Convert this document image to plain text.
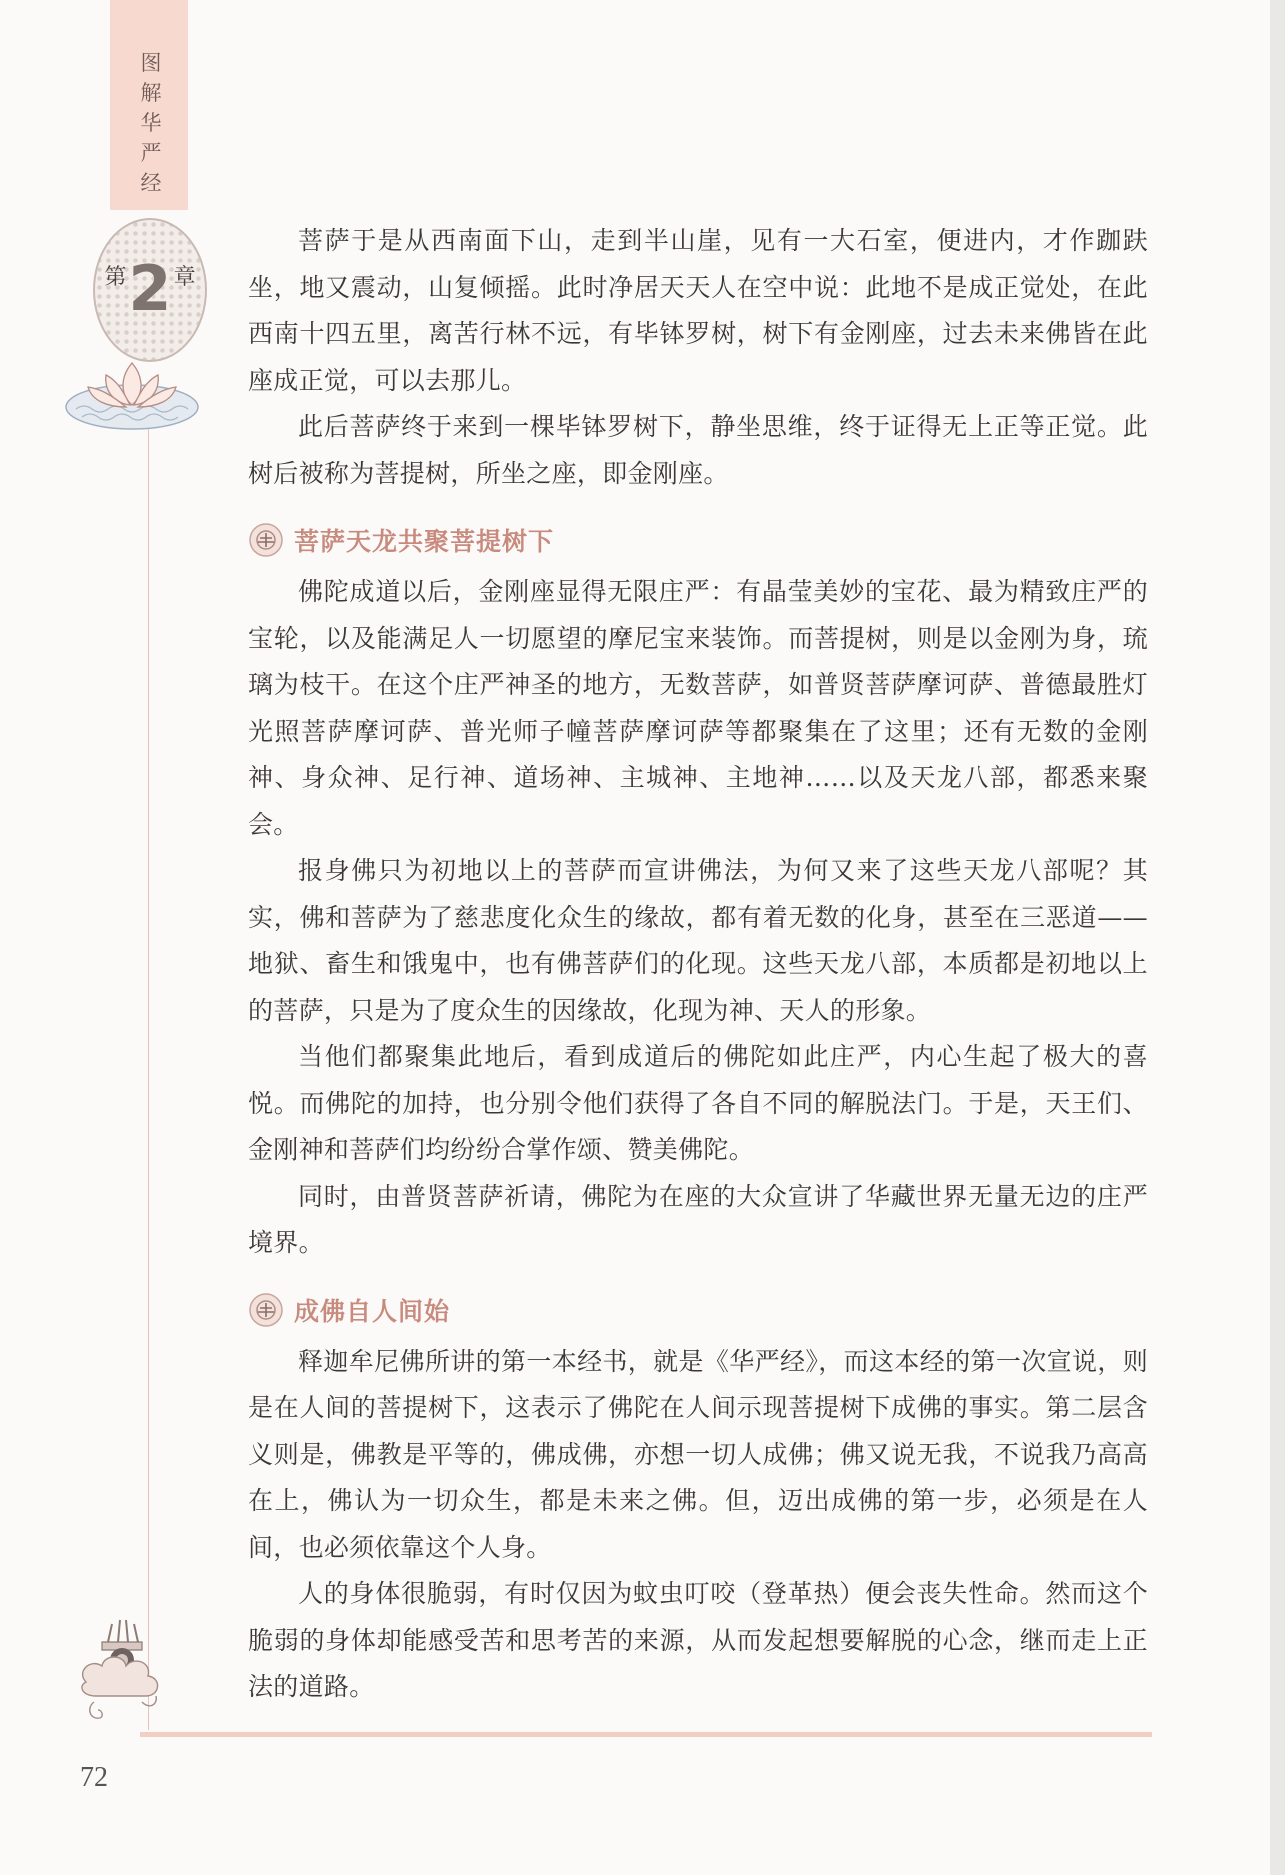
图解华严经
第2章

菩萨于是从西南面下山，走到半山崖，见有一大石室，便进内，才作跏趺坐，地又震动，山复倾摇。此时净居天天人在空中说：此地不是成正觉处，在此西南十四五里，离苦行林不远，有毕钵罗树，树下有金刚座，过去未来佛皆在此座成正觉，可以去那儿。

此后菩萨终于来到一棵毕钵罗树下，静坐思维，终于证得无上正等正觉。此树后被称为菩提树，所坐之座，即金刚座。

菩萨天龙共聚菩提树下

佛陀成道以后，金刚座显得无限庄严：有晶莹美妙的宝花、最为精致庄严的宝轮，以及能满足人一切愿望的摩尼宝来装饰。而菩提树，则是以金刚为身，琉璃为枝干。在这个庄严神圣的地方，无数菩萨，如普贤菩萨摩诃萨、普德最胜灯光照菩萨摩诃萨、普光师子幢菩萨摩诃萨等都聚集在了这里；还有无数的金刚神、身众神、足行神、道场神、主城神、主地神……以及天龙八部，都悉来聚会。

报身佛只为初地以上的菩萨而宣讲佛法，为何又来了这些天龙八部呢？其实，佛和菩萨为了慈悲度化众生的缘故，都有着无数的化身，甚至在三恶道——地狱、畜生和饿鬼中，也有佛菩萨们的化现。这些天龙八部，本质都是初地以上的菩萨，只是为了度众生的因缘故，化现为神、天人的形象。

当他们都聚集此地后，看到成道后的佛陀如此庄严，内心生起了极大的喜悦。而佛陀的加持，也分别令他们获得了各自不同的解脱法门。于是，天王们、金刚神和菩萨们均纷纷合掌作颂、赞美佛陀。

同时，由普贤菩萨祈请，佛陀为在座的大众宣讲了华藏世界无量无边的庄严境界。

成佛自人间始

释迦牟尼佛所讲的第一本经书，就是《华严经》，而这本经的第一次宣说，则是在人间的菩提树下，这表示了佛陀在人间示现菩提树下成佛的事实。第二层含义则是，佛教是平等的，佛成佛，亦想一切人成佛；佛又说无我，不说我乃高高在上，佛认为一切众生，都是未来之佛。但，迈出成佛的第一步，必须是在人间，也必须依靠这个人身。

人的身体很脆弱，有时仅因为蚊虫叮咬（登革热）便会丧失性命。然而这个脆弱的身体却能感受苦和思考苦的来源，从而发起想要解脱的心念，继而走上正法的道路。

72
